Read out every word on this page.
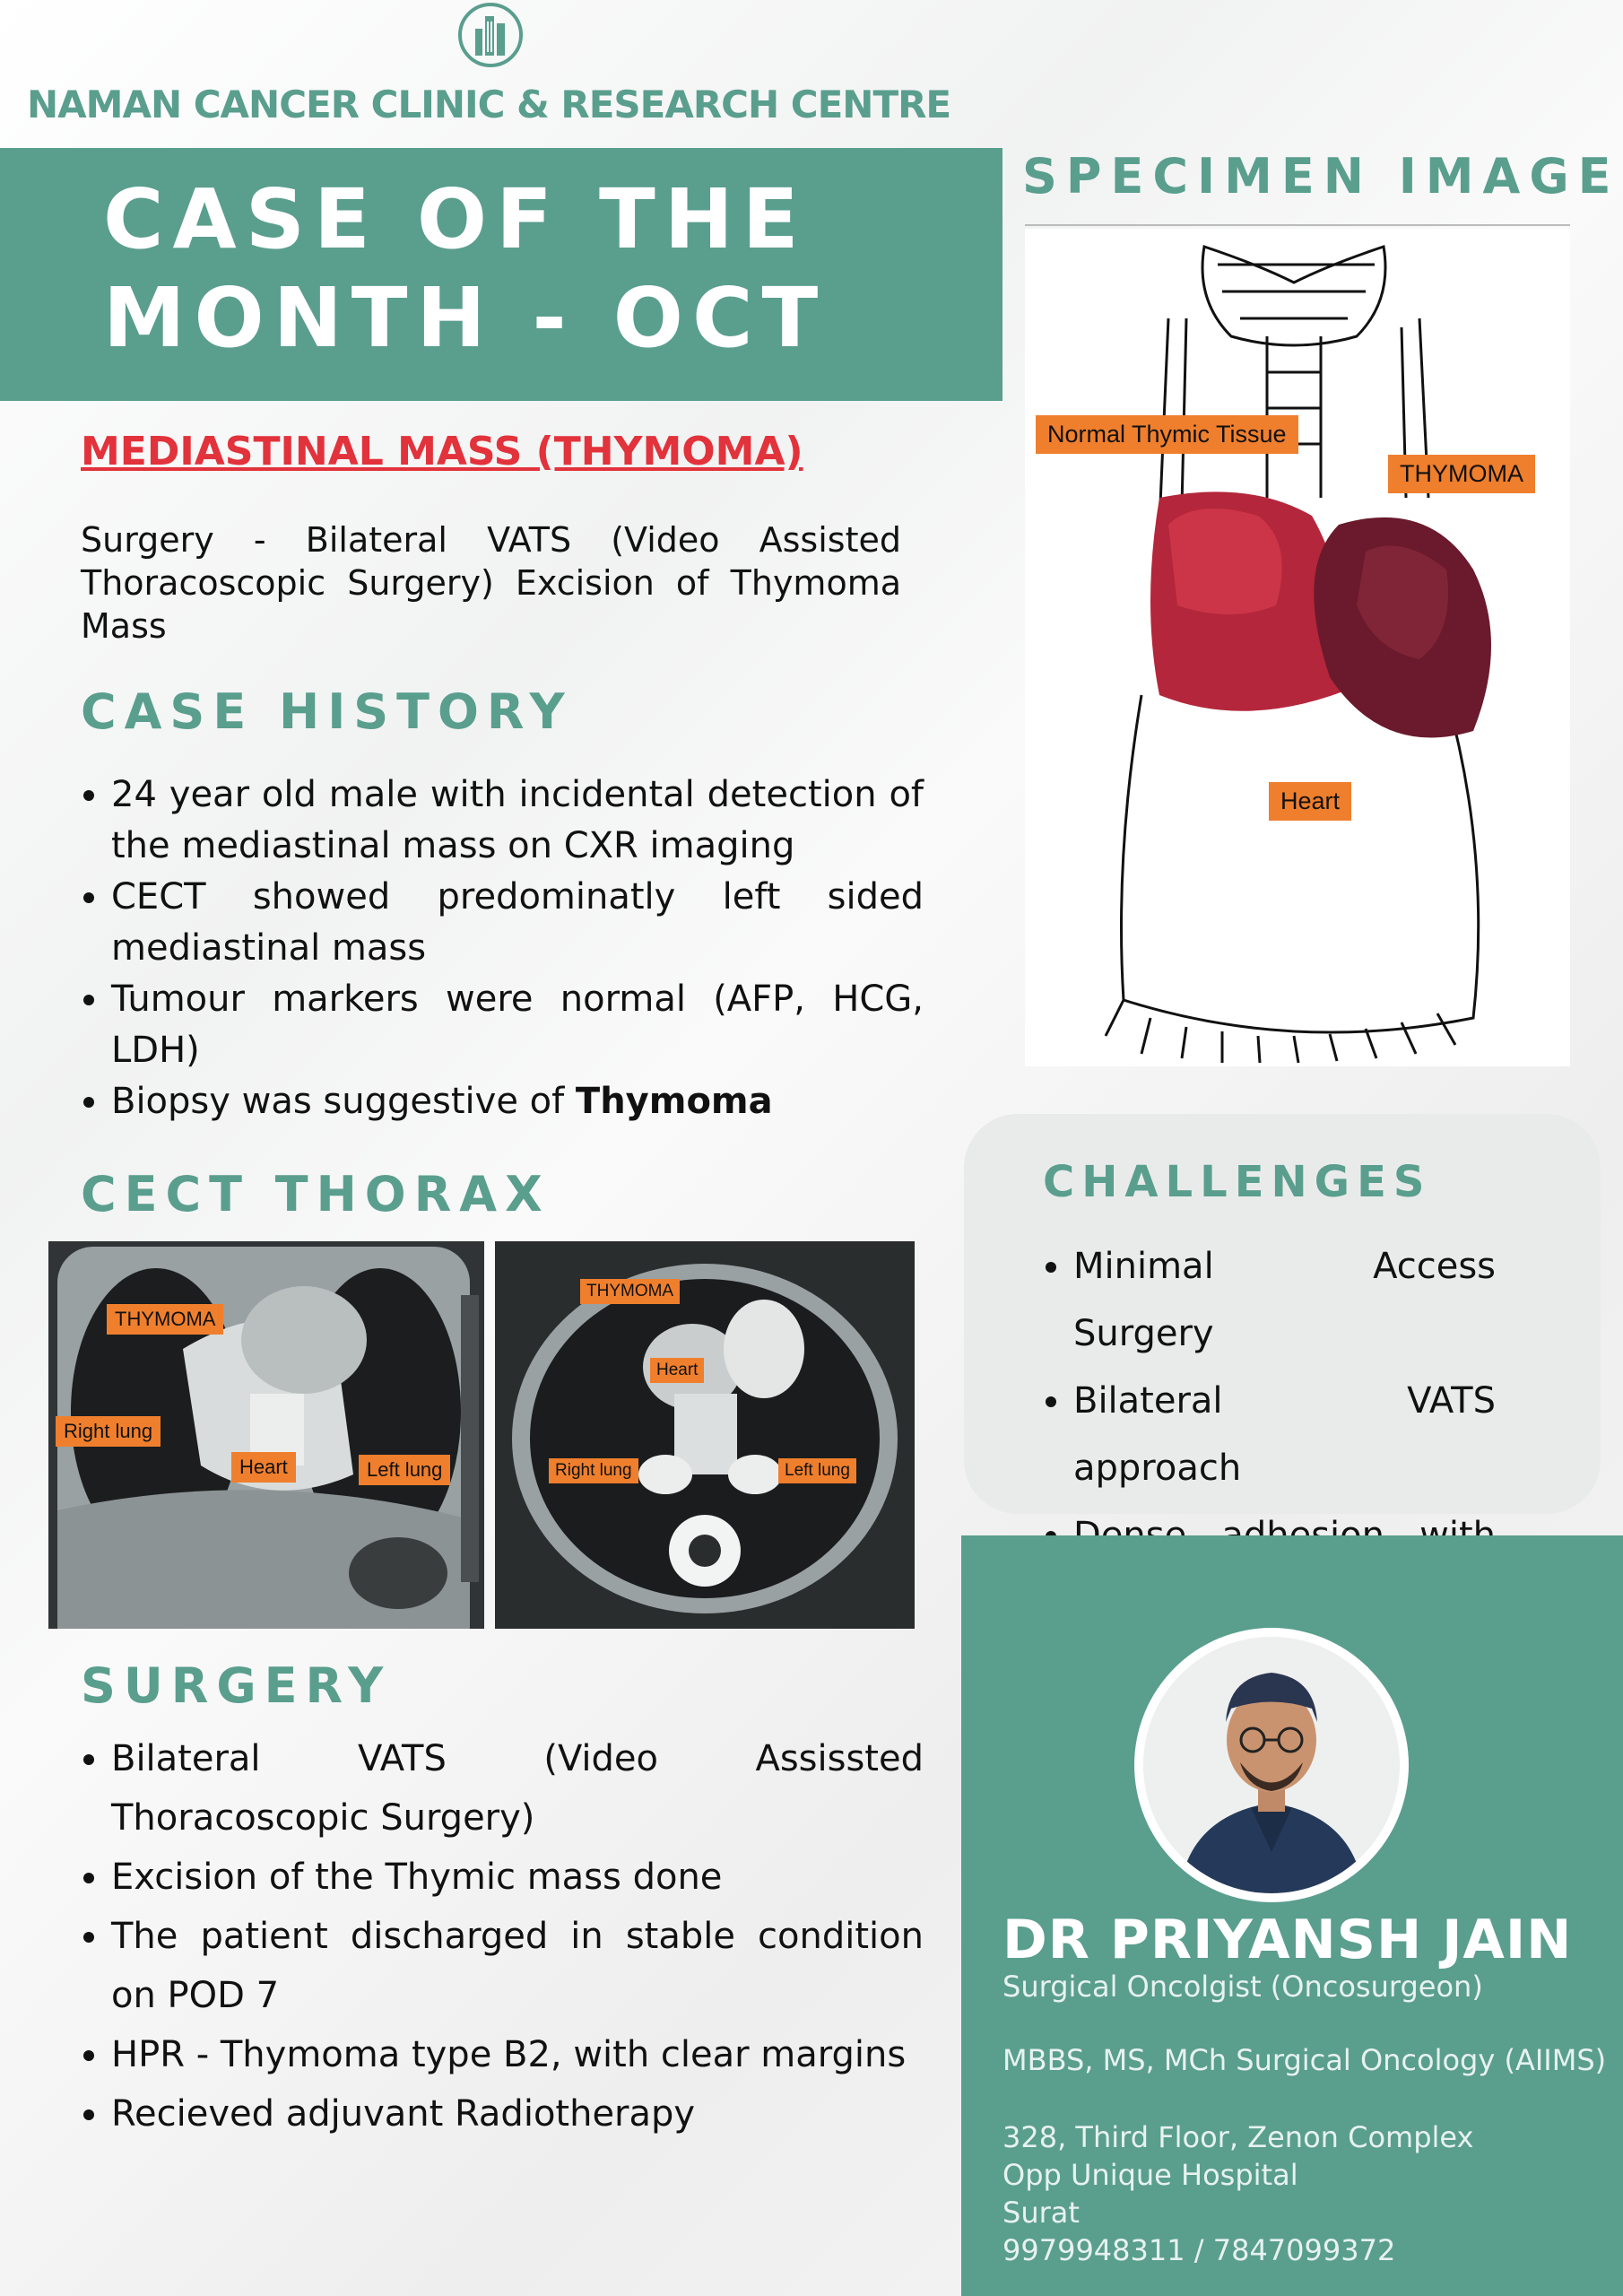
NAMAN CANCER CLINIC & RESEARCH CENTRE
CASE OF THE
MONTH - OCT
MEDIASTINAL MASS (THYMOMA)
Surgery - Bilateral VATS (Video Assisted Thoracoscopic Surgery) Excision of Thymoma Mass
CASE HISTORY
• 24 year old male with incidental detection of the mediastinal mass on CXR imaging
• CECT showed predominatly left sided mediastinal mass
• Tumour markers were normal (AFP, HCG, LDH)
• Biopsy was suggestive of Thymoma
CECT THORAX
THYMOMA
Right lung
Heart	Left lung
THYMOMA
Heart
Right lung	Left lung
SURGERY
• Bilateral VATS (Video Assissted Thoracoscopic Surgery)
• Excision of the Thymic mass done
• The patient discharged in stable condition on POD 7
• HPR - Thymoma type B2, with clear margins
• Recieved adjuvant Radiotherapy
SPECIMEN IMAGE
Normal Thymic Tissue
THYMOMA
Heart
CHALLENGES
• Minimal Access Surgery
• Bilateral VATS approach
•
DR PRIYANSH JAIN
Surgical Oncolgist (Oncosurgeon)
MBBS, MS, MCh Surgical Oncology (AIIMS)
328, Third Floor, Zenon Complex
Opp Unique Hospital
Surat
9979948311 / 7847099372
